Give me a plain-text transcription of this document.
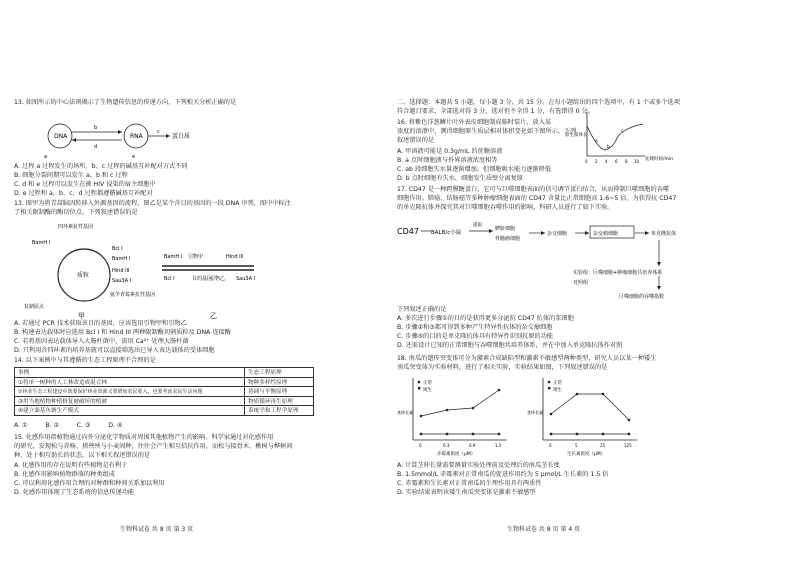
13. 如图所示的中心法则揭示了生物遗传信息的传递方向，下列相关分析正确的是
DNA
b
d
RNA
c
蛋白质
a	e
A. 过程 a 过程发生的场所，b、c 过程的碱基互补配对方式不同
B. 细胞分裂间期可以发生 a、b 和 c 过程
C. d 和 e 过程可以发生在被 HIV 侵染的宿主细胞中
D. e 过程和 a、b、c、d 过程都遵循碱基互补配对
13. 图甲为将青蒿脑因转移入外源基因的流程，图乙是某个含目的基因的一段 DNA 序列，图中中标注
了相关限制酶的酶切位点，下列叙述错误的是
质粒
四环素抗性基因
BamH I
Bcl I
BamH I
Hind III
Sau3A I
复制原点
氨苄青霉素抗性基因
甲
BamH I 引物甲	Hind III
Bcl I	目的基因
引物乙 Sau3A I
乙
A. 若通过 PCR 技术获取该目的基因，应该选用引物甲和引物乙
B. 构建表达载体时应选用 Bcl I 和 Hind III 两种限制酶切割质粒及 DNA 连接酶
C. 若将基因表达载体导入大肠杆菌中，需用 Ca²⁺ 处理大肠杆菌
D. 只利用含四环素的培养基就可以直接筛选出已导入表达载体的受体细胞
14. 以下案例中与其遵循的生态工程原理不合理的是
事例	生态工程原理
①将单一树种的人工林改造成混合林	物种多样性原理
②林业生态工程建设中既要保护林业资源又要增加农民收入，也要考虑农民生活问题	协调与平衡原理
③用当地植物种植修复被破坏的植被	物质循环再生原理
④建立桑基鱼塘生产模式	系统学和工程学原理
A. ①	B. ②	C. ③	D. ④
15. 化感作用指植物通过向外分泌化学物质对周围其他植物产生的影响。科学家通过对化感作用
的研究，发现松与赤杨、猪殃殃与小麦间种，往往会产生相互拮抗作用，而松与接骨木、楸树与桦树间
种，处于相互助长的状态。以下相关叙述错误的是
A. 化感作用的存在说明有些植物是有利于
B. 化感作用影响植物群落的种类组成
C. 可以利用化感作用合理的对种群和种间关系加以利用
D. 化感作用体现了生态系统的信息传递功能
生物科试卷 共 8 页 第 3 页
二、选择题：本题共 5 小题，每小题 3 分，共 15 分。在每小题给出的四个选项中，有 1 个或多个选项
符合题目要求，全部选对得 3 分，选对但不全得 1 分，有选错得 0 分。
16. 将紫色洋葱鳞片叶外表皮细胞制成临时装片，放入某
浓度的溶液中，测得细胞原生质层相对体积变化如下图所示，下列
叙述错误的是
原生质体长
a
b
c
0 2 4 6 8 10 处理时间/min
A. 甲溶液可能是 0.3g/mL 的蔗糖溶液
B. a 点时细胞液与外界溶液浓度相等
C. ab 段细胞失水量逐渐增加，但细胞吸水能力逐渐降低
D. b 点时细胞有失水，细胞发生质壁分离复原
17. CD47 是一种跨膜糖蛋白，它可与巨噬细胞表面的信号调节蛋白结合，从而抑制巨噬细胞的吞噬
细胞作用。肺癌、结肠癌等多种肿瘤细胞表面的 CD47 含量比正常细胞高 1.6~5 倍。为获得抗 CD47
的单克隆抗体并探究其对巨噬细胞吞噬作用的影响，科研人员进行了如下实验。
CD47 BALB/c小鼠
提取
脾脏细胞
骨髓瘤细胞
杂交细胞	杂交瘤细胞	单克隆抗体
实验组：巨噬细胞+肿瘤细胞共培养体系
对照组
巨噬细胞的吞噬指数
下列叙述正确的是
A. 多次进行步骤①的目的是获得更多分泌抗 CD47 抗体的浆细胞
B. 步骤②和③都可得到多种产生特异性抗体的杂交瘤细胞
C. 步骤⑤的目的是单克隆抗体具有特异性识别抗原的功能
D. 还需设计已知的正常细胞与吞噬细胞共培养体系，并在中加入单克隆抗体作对照
18. 南瓜的遗传突变体可分为激素合成缺陷型和激素不敏感型两种类型，研究人员以某一种矮生
南瓜突变体为实验材料，进行了相关实验，实验结果如图，下列叙述错误的是
茎伸长量
正常
矮生
0	0.3	0.9	1.5
赤霉素浓度（μM）
茎伸长量
正常
矮生
0	5	25	125
生长素浓度（μM）
A. 计算茎伸长量需要测量实验处理前及处理后的南瓜茎长度
B. 1.5mmol/L 赤霉素对正常南瓜的促进作用约为 5 μmol/L 生长素的 1.5 倍
C. 赤霉素和生长素对正常南瓜的生理作用具有两重性
D. 实验结果表明该矮生南瓜突变体是激素不敏感型
生物科试卷 共 8 页 第 4 页
